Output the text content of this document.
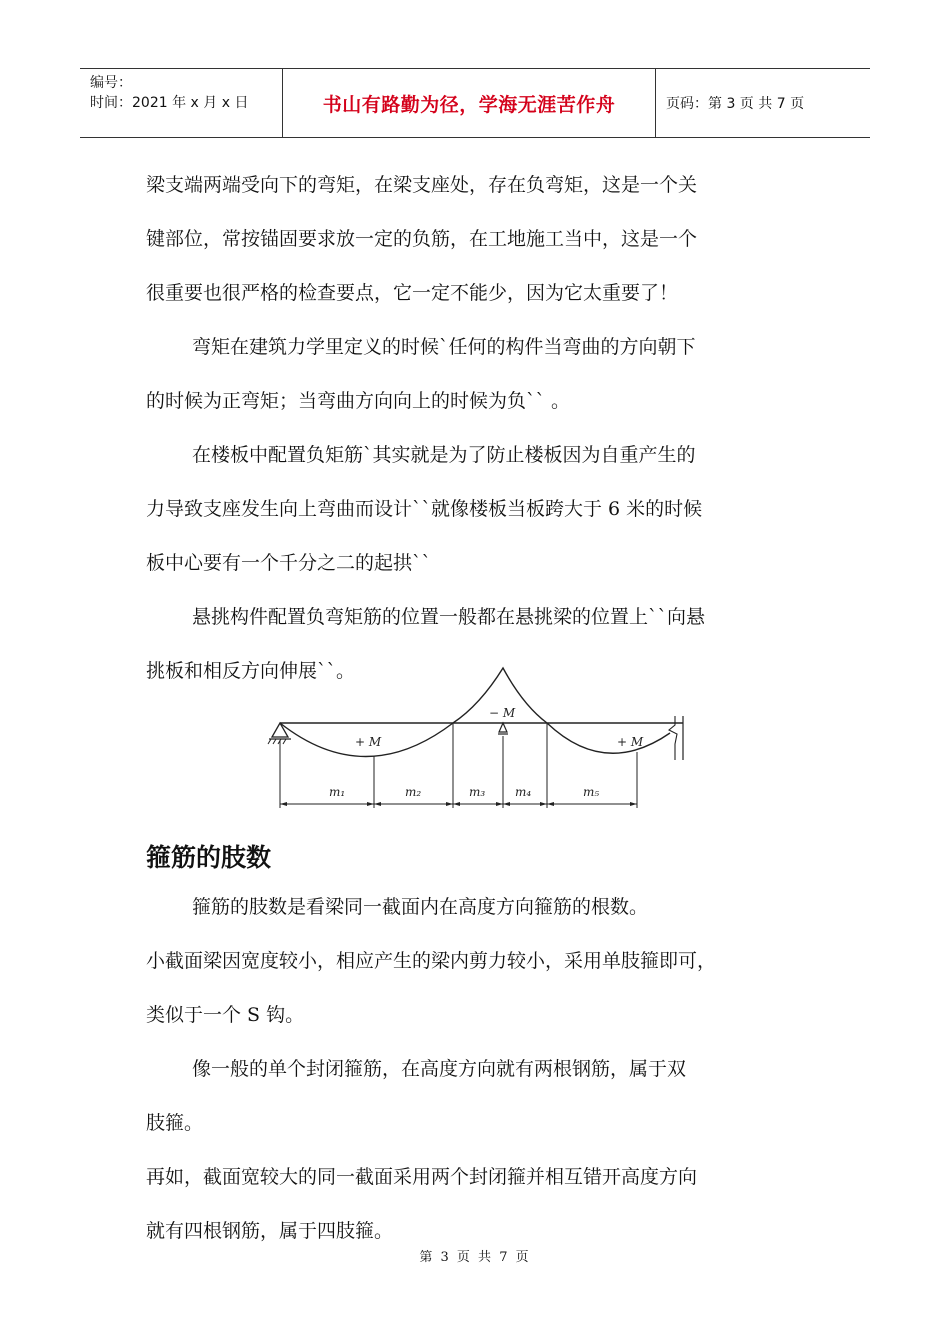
编号：
时间：2021 年 x 月 x 日	书山有路勤为径，学海无涯苦作舟	页码：第 3 页 共 7 页

梁支端两端受向下的弯矩，在梁支座处，存在负弯矩，这是一个关

键部位，常按锚固要求放一定的负筋，在工地施工当中，这是一个

很重要也很严格的检查要点，它一定不能少，因为它太重要了！

弯矩在建筑力学里定义的时候`任何的构件当弯曲的方向朝下

的时候为正弯矩；当弯曲方向向上的时候为负`` 。

在楼板中配置负矩筋`其实就是为了防止楼板因为自重产生的

力导致支座发生向上弯曲而设计``就像楼板当板跨大于 6 米的时候

板中心要有一个千分之二的起拱``

悬挑构件配置负弯矩筋的位置一般都在悬挑梁的位置上``向悬

挑板和相反方向伸展``。

+ M
− M
+ M
m₁	m₂	m₃ m₄	m₅
箍筋的肢数

箍筋的肢数是看梁同一截面内在高度方向箍筋的根数。

小截面梁因宽度较小，相应产生的梁内剪力较小，采用单肢箍即可，

类似于一个 S 钩。

像一般的单个封闭箍筋，在高度方向就有两根钢筋，属于双

肢箍。

再如，截面宽较大的同一截面采用两个封闭箍并相互错开高度方向

就有四根钢筋，属于四肢箍。

第 3 页 共 7 页
